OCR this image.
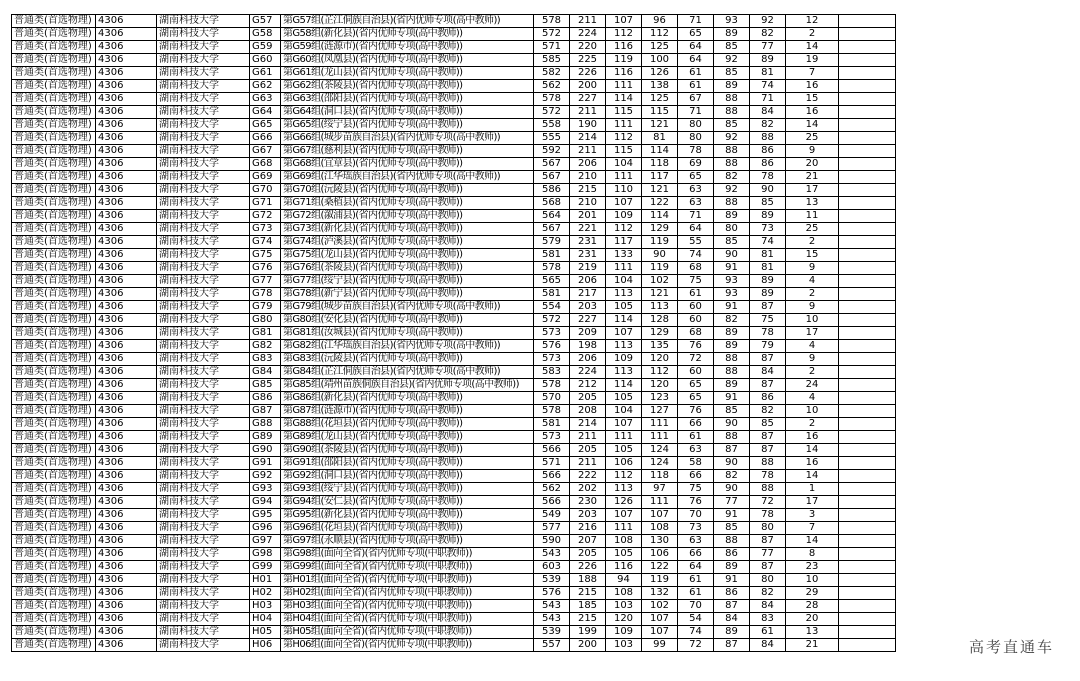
普通类(首选物理)	4306	湖南科技大学	G57	第G57组(芷江侗族自治县)(省内优师专项(高中教师))	578	211	107	96	71	93	92	12	
普通类(首选物理)	4306	湖南科技大学	G58	第G58组(新化县)(省内优师专项(高中教师))	572	224	112	112	65	89	82	2	
普通类(首选物理)	4306	湖南科技大学	G59	第G59组(涟源市)(省内优师专项(高中教师))	571	220	116	125	64	85	77	14	
普通类(首选物理)	4306	湖南科技大学	G60	第G60组(凤凰县)(省内优师专项(高中教师))	585	225	119	100	64	92	89	19	
普通类(首选物理)	4306	湖南科技大学	G61	第G61组(龙山县)(省内优师专项(高中教师))	582	226	116	126	61	85	81	7	
普通类(首选物理)	4306	湖南科技大学	G62	第G62组(茶陵县)(省内优师专项(高中教师))	562	200	111	138	61	89	74	16	
普通类(首选物理)	4306	湖南科技大学	G63	第G63组(邵阳县)(省内优师专项(高中教师))	578	227	114	125	67	88	71	15	
普通类(首选物理)	4306	湖南科技大学	G64	第G64组(洞口县)(省内优师专项(高中教师))	572	211	115	115	71	88	84	16	
普通类(首选物理)	4306	湖南科技大学	G65	第G65组(绥宁县)(省内优师专项(高中教师))	558	190	111	121	80	85	82	14	
普通类(首选物理)	4306	湖南科技大学	G66	第G66组(城步苗族自治县)(省内优师专项(高中教师))	555	214	112	81	80	92	88	25	
普通类(首选物理)	4306	湖南科技大学	G67	第G67组(慈利县)(省内优师专项(高中教师))	592	211	115	114	78	88	86	9	
普通类(首选物理)	4306	湖南科技大学	G68	第G68组(宜章县)(省内优师专项(高中教师))	567	206	104	118	69	88	86	20	
普通类(首选物理)	4306	湖南科技大学	G69	第G69组(江华瑶族自治县)(省内优师专项(高中教师))	567	210	111	117	65	82	78	21	
普通类(首选物理)	4306	湖南科技大学	G70	第G70组(沅陵县)(省内优师专项(高中教师))	586	215	110	121	63	92	90	17	
普通类(首选物理)	4306	湖南科技大学	G71	第G71组(桑植县)(省内优师专项(高中教师))	568	210	107	122	63	88	85	13	
普通类(首选物理)	4306	湖南科技大学	G72	第G72组(溆浦县)(省内优师专项(高中教师))	564	201	109	114	71	89	89	11	
普通类(首选物理)	4306	湖南科技大学	G73	第G73组(新化县)(省内优师专项(高中教师))	567	221	112	129	64	80	73	25	
普通类(首选物理)	4306	湖南科技大学	G74	第G74组(泸溪县)(省内优师专项(高中教师))	579	231	117	119	55	85	74	2	
普通类(首选物理)	4306	湖南科技大学	G75	第G75组(龙山县)(省内优师专项(高中教师))	581	231	133	90	74	90	81	15	
普通类(首选物理)	4306	湖南科技大学	G76	第G76组(茶陵县)(省内优师专项(高中教师))	578	219	111	119	68	91	81	9	
普通类(首选物理)	4306	湖南科技大学	G77	第G77组(绥宁县)(省内优师专项(高中教师))	565	206	104	102	75	93	89	4	
普通类(首选物理)	4306	湖南科技大学	G78	第G78组(新宁县)(省内优师专项(高中教师))	581	217	113	121	61	93	89	2	
普通类(首选物理)	4306	湖南科技大学	G79	第G79组(城步苗族自治县)(省内优师专项(高中教师))	554	203	105	113	60	91	87	9	
普通类(首选物理)	4306	湖南科技大学	G80	第G80组(安化县)(省内优师专项(高中教师))	572	227	114	128	60	82	75	10	
普通类(首选物理)	4306	湖南科技大学	G81	第G81组(汝城县)(省内优师专项(高中教师))	573	209	107	129	68	89	78	17	
普通类(首选物理)	4306	湖南科技大学	G82	第G82组(江华瑶族自治县)(省内优师专项(高中教师))	576	198	113	135	76	89	79	4	
普通类(首选物理)	4306	湖南科技大学	G83	第G83组(沅陵县)(省内优师专项(高中教师))	573	206	109	120	72	88	87	9	
普通类(首选物理)	4306	湖南科技大学	G84	第G84组(芷江侗族自治县)(省内优师专项(高中教师))	583	224	113	112	60	88	84	2	
普通类(首选物理)	4306	湖南科技大学	G85	第G85组(靖州苗族侗族自治县)(省内优师专项(高中教师))	578	212	114	120	65	89	87	24	
普通类(首选物理)	4306	湖南科技大学	G86	第G86组(新化县)(省内优师专项(高中教师))	570	205	105	123	65	91	86	4	
普通类(首选物理)	4306	湖南科技大学	G87	第G87组(涟源市)(省内优师专项(高中教师))	578	208	104	127	76	85	82	10	
普通类(首选物理)	4306	湖南科技大学	G88	第G88组(花垣县)(省内优师专项(高中教师))	581	214	107	111	66	90	85	2	
普通类(首选物理)	4306	湖南科技大学	G89	第G89组(龙山县)(省内优师专项(高中教师))	573	211	111	111	61	88	87	16	
普通类(首选物理)	4306	湖南科技大学	G90	第G90组(茶陵县)(省内优师专项(高中教师))	566	205	105	124	63	87	87	14	
普通类(首选物理)	4306	湖南科技大学	G91	第G91组(邵阳县)(省内优师专项(高中教师))	571	211	106	124	58	90	88	16	
普通类(首选物理)	4306	湖南科技大学	G92	第G92组(洞口县)(省内优师专项(高中教师))	566	222	112	118	66	82	78	14	
普通类(首选物理)	4306	湖南科技大学	G93	第G93组(绥宁县)(省内优师专项(高中教师))	562	202	113	97	75	90	88	1	
普通类(首选物理)	4306	湖南科技大学	G94	第G94组(安仁县)(省内优师专项(高中教师))	566	230	126	111	76	77	72	17	
普通类(首选物理)	4306	湖南科技大学	G95	第G95组(新化县)(省内优师专项(高中教师))	549	203	107	107	70	91	78	3	
普通类(首选物理)	4306	湖南科技大学	G96	第G96组(花垣县)(省内优师专项(高中教师))	577	216	111	108	73	85	80	7	
普通类(首选物理)	4306	湖南科技大学	G97	第G97组(永顺县)(省内优师专项(高中教师))	590	207	108	130	63	88	87	14	
普通类(首选物理)	4306	湖南科技大学	G98	第G98组(面向全省)(省内优师专项(中职教师))	543	205	105	106	66	86	77	8	
普通类(首选物理)	4306	湖南科技大学	G99	第G99组(面向全省)(省内优师专项(中职教师))	603	226	116	122	64	89	87	23	
普通类(首选物理)	4306	湖南科技大学	H01	第H01组(面向全省)(省内优师专项(中职教师))	539	188	94	119	61	91	80	10	
普通类(首选物理)	4306	湖南科技大学	H02	第H02组(面向全省)(省内优师专项(中职教师))	576	215	108	132	61	86	82	29	
普通类(首选物理)	4306	湖南科技大学	H03	第H03组(面向全省)(省内优师专项(中职教师))	543	185	103	102	70	87	84	28	
普通类(首选物理)	4306	湖南科技大学	H04	第H04组(面向全省)(省内优师专项(中职教师))	543	215	120	107	54	84	83	20	
普通类(首选物理)	4306	湖南科技大学	H05	第H05组(面向全省)(省内优师专项(中职教师))	539	199	109	107	74	89	61	13	
普通类(首选物理)	4306	湖南科技大学	H06	第H06组(面向全省)(省内优师专项(中职教师))	557	200	103	99	72	87	84	21		高考直通车
